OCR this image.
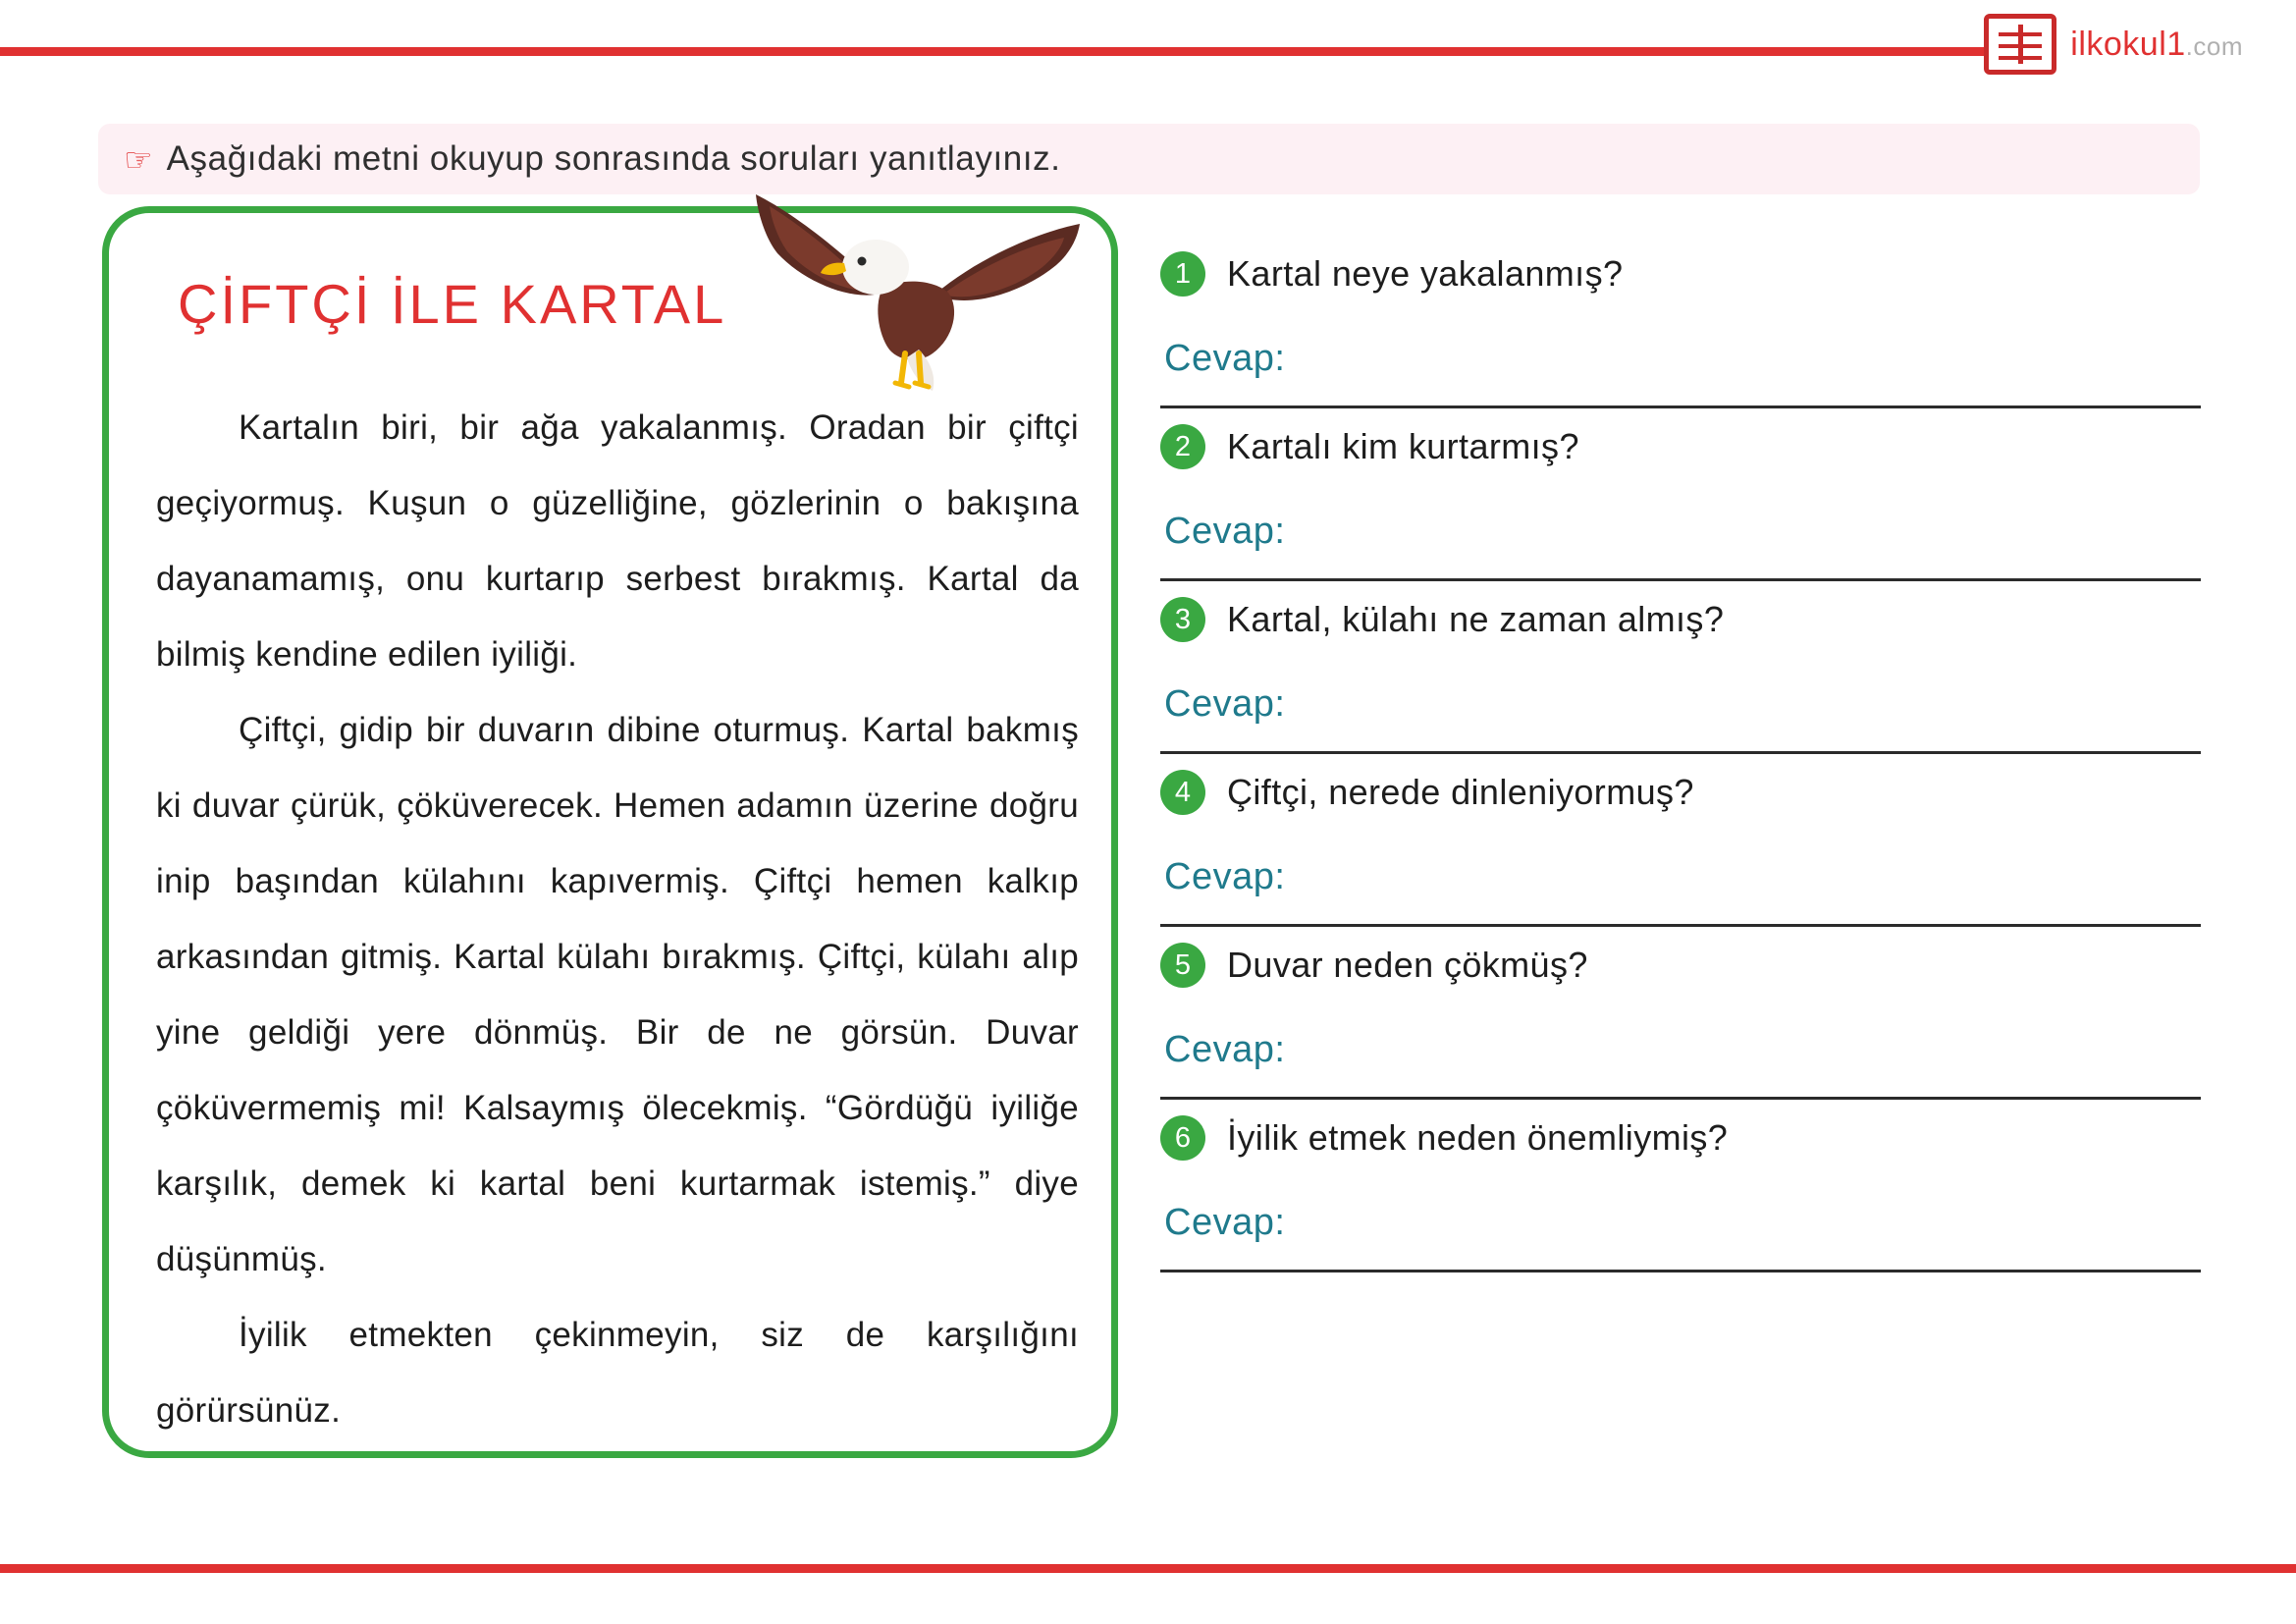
ilkokul1.com
☞ Aşağıdaki metni okuyup sonrasında soruları yanıtlayınız.
ÇİFTÇİ İLE KARTAL

Kartalın biri, bir ağa yakalanmış. Oradan bir çiftçi geçiyormuş. Kuşun o güzelliğine, gözlerinin o bakışına dayanamamış, onu kurtarıp serbest bırakmış. Kartal da bilmiş kendine edilen iyiliği.

Çiftçi, gidip bir duvarın dibine oturmuş. Kartal bakmış ki duvar çürük, çöküverecek. Hemen adamın üzerine doğru inip başından külahını kapıvermiş. Çiftçi hemen kalkıp arkasından gitmiş. Kartal külahı bırakmış. Çiftçi, külahı alıp yine geldiği yere dönmüş. Bir de ne görsün. Duvar çöküvermemiş mi! Kalsaymış ölecekmiş. “Gördüğü iyiliğe karşılık, demek ki kartal beni kurtarmak istemiş.” diye düşünmüş.

İyilik etmekten çekinmeyin, siz de karşılığını görürsünüz.

1	Kartal neye yakalanmış?
Cevap:
2	Kartalı kim kurtarmış?
Cevap:
3	Kartal, külahı ne zaman almış?
Cevap:
4	Çiftçi, nerede dinleniyormuş?
Cevap:
5	Duvar neden çökmüş?
Cevap:
6	İyilik etmek neden önemliymiş?
Cevap:
